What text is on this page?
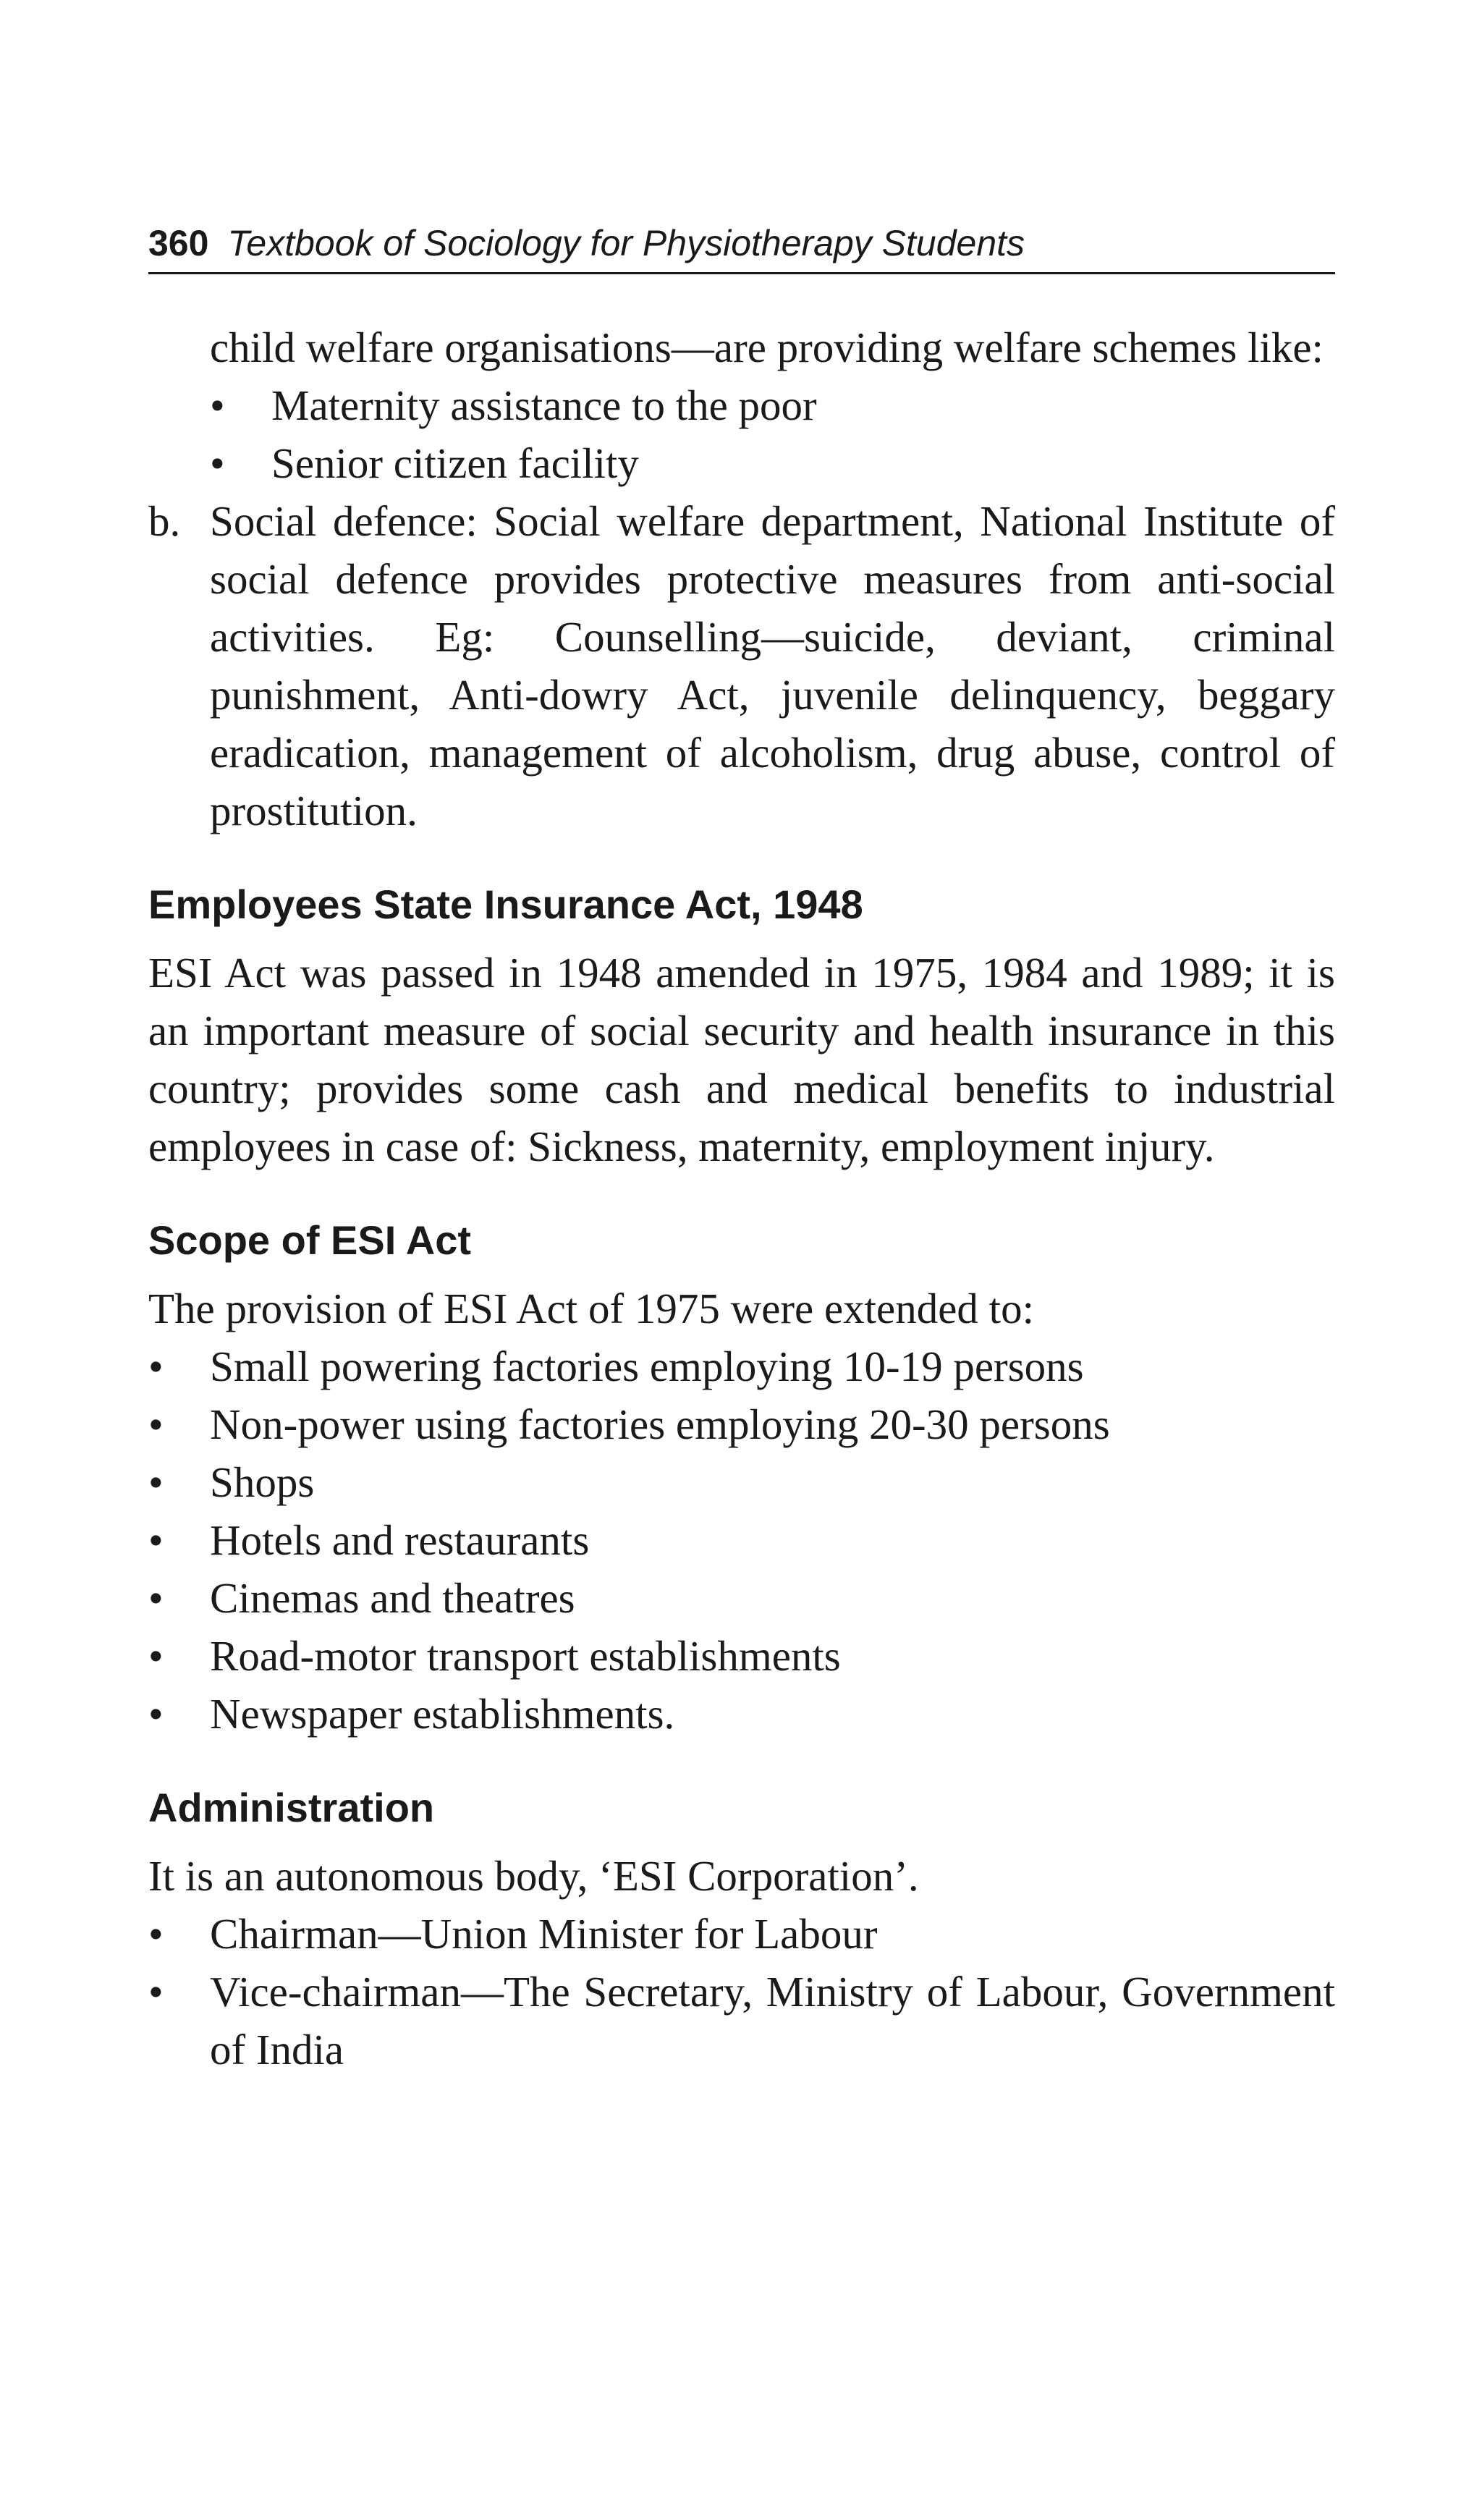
360 Textbook of Sociology for Physiotherapy Students

child welfare organisations—are providing welfare schemes like:

•	Maternity assistance to the poor
•	Senior citizen facility

b. Social defence: Social welfare department, National Institute of social defence provides protective measures from anti-social activities. Eg: Counselling—suicide, deviant, criminal punishment, Anti-dowry Act, juvenile delinquency, beggary eradication, management of alcoholism, drug abuse, control of prostitution.

Employees State Insurance Act, 1948

ESI Act was passed in 1948 amended in 1975, 1984 and 1989; it is an important measure of social security and health insurance in this country; provides some cash and medical benefits to industrial employees in case of: Sickness, maternity, employment injury.

Scope of ESI Act

The provision of ESI Act of 1975 were extended to:

•	Small powering factories employing 10-19 persons
•	Non-power using factories employing 20-30 persons
•	Shops
•	Hotels and restaurants
•	Cinemas and theatres
•	Road-motor transport establishments
•	Newspaper establishments.
Administration

It is an autonomous body, ‘ESI Corporation’.

•	Chairman—Union Minister for Labour
•	Vice-chairman—The Secretary, Ministry of Labour, Government of India
